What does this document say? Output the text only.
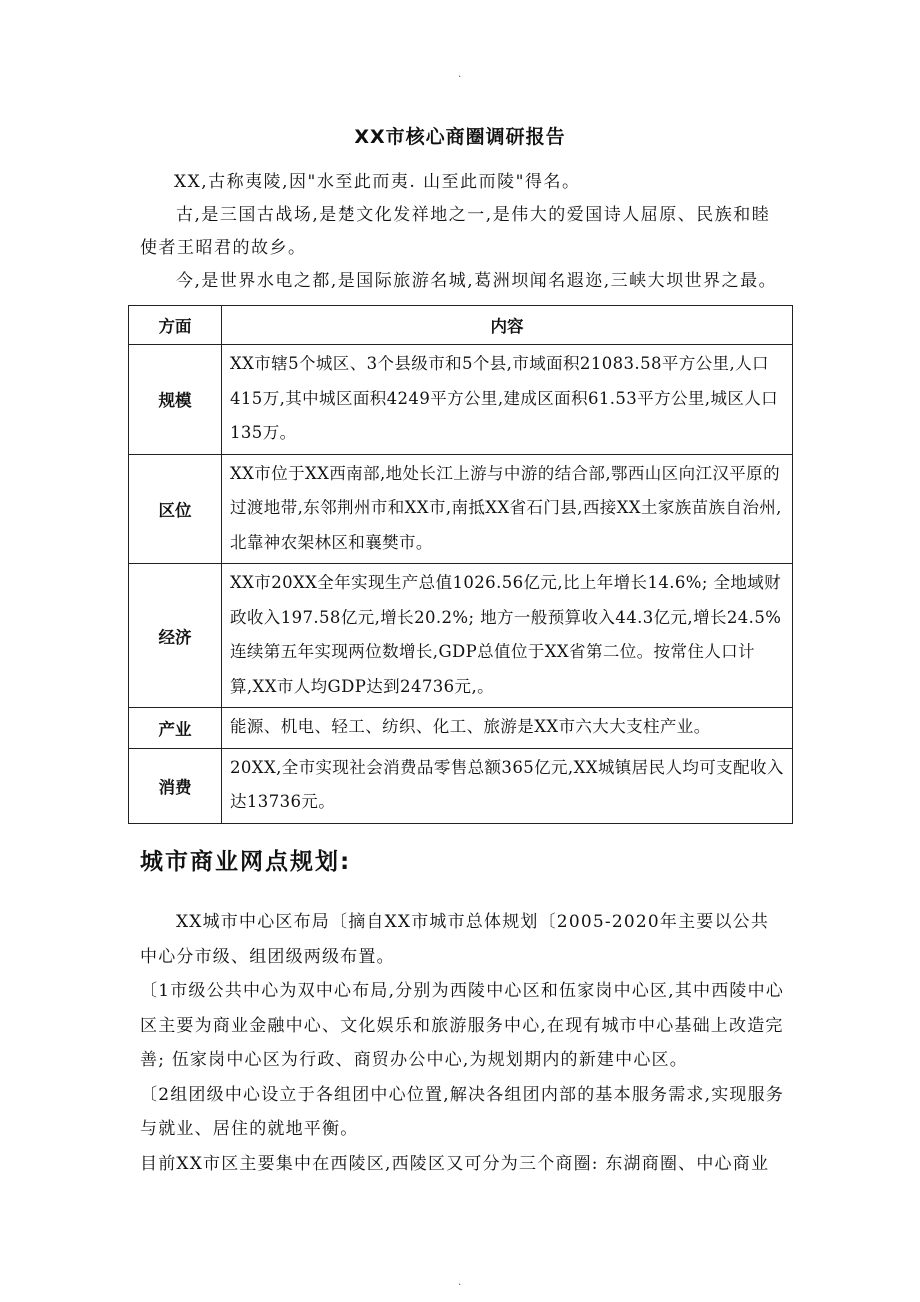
.
XX市核心商圈调研报告

XX,古称夷陵,因"水至此而夷. 山至此而陵"得名。

古,是三国古战场,是楚文化发祥地之一,是伟大的爱国诗人屈原、民族和睦使者王昭君的故乡。

今,是世界水电之都,是国际旅游名城,葛洲坝闻名遐迩,三峡大坝世界之最。

方面	内容
规模	XX市辖5个城区、3个县级市和5个县,市域面积21083.58平方公里,人口415万,其中城区面积4249平方公里,建成区面积61.53平方公里,城区人口135万。
区位	XX市位于XX西南部,地处长江上游与中游的结合部,鄂西山区向江汉平原的过渡地带,东邻荆州市和XX市,南抵XX省石门县,西接XX土家族苗族自治州,北靠神农架林区和襄樊市。
经济	XX市20XX全年实现生产总值1026.56亿元,比上年增长14.6%; 全地域财政收入197.58亿元,增长20.2%; 地方一般预算收入44.3亿元,增长24.5%连续第五年实现两位数增长,GDP总值位于XX省第二位。按常住人口计算,XX市人均GDP达到24736元,。
产业	能源、机电、轻工、纺织、化工、旅游是XX市六大大支柱产业。
消费	20XX,全市实现社会消费品零售总额365亿元,XX城镇居民人均可支配收入达13736元。
城市商业网点规划:

XX城市中心区布局〔摘自XX市城市总体规划〔2005-2020年主要以公共中心分市级、组团级两级布置。

〔1市级公共中心为双中心布局,分别为西陵中心区和伍家岗中心区,其中西陵中心区主要为商业金融中心、文化娱乐和旅游服务中心,在现有城市中心基础上改造完善; 伍家岗中心区为行政、商贸办公中心,为规划期内的新建中心区。

〔2组团级中心设立于各组团中心位置,解决各组团内部的基本服务需求,实现服务与就业、居住的就地平衡。

目前XX市区主要集中在西陵区,西陵区又可分为三个商圈: 东湖商圈、中心商业

.
